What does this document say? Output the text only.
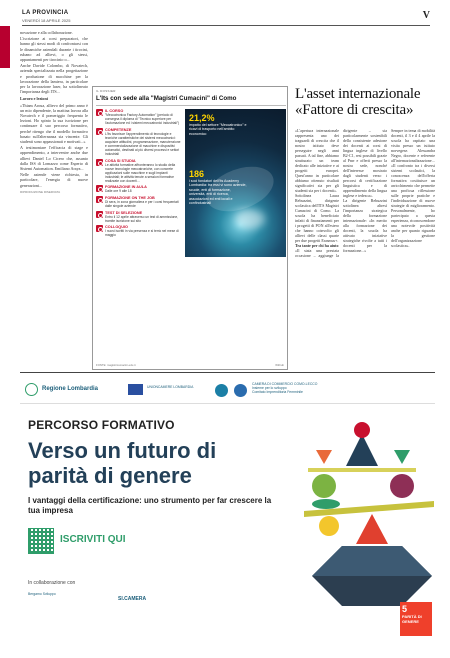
LA PROVINCIA
VENERDÌ 18 APRILE 2025	V

novazione e alla collaborazione.

L'iscrizione ai corsi preparatori, che hanno gli stessi modi di confrontarsi con le dinamiche aziendali durante i tirocini, rubano ad allievi, o gli stessi, appuntamenti per tirocinio o...

Anche Davide Colombo, di Novatech, azienda specializzata nella progettazione e produzione di macchine per la lavorazione della lamiera, in particolare per la lavorazione laser, ha sottolineato l'importanza degli ITS...

Lavoro e lezioni

«Thiam Aroua, allievo del primo anno è un mio dipendente, la mattina lavora alla Novatech e il pomeriggio frequenta le lezioni. Ho spinto la sua iscrizione per continuare il suo percorso formativo, perché ritengo che il modello formativo basato sull'alternanza sia vincente. Gli studenti sono appassionati e motivati...»

A testimoniare l'efficacia di stage e apprendimento, a intervenire anche due allievi Daniel Lo Cicero che, assunto dalla ISS di Lomazzo come Esperto di Sistemi Automation. Emiliano Araya...

Nelle aziende viene richiesta, in particolare, l'energia di nuove generazioni...

RIPRODUZIONE RISERVATA
IL DOSSIER
L'Its con sede alla "Magistri Cumacini" di Como
IL CORSO
"Meccatronica Factory Automation" (periodo di consegna il diploma di "Tecnico superiore per l'automazione ed i sistemi meccatronici industriali")
COMPETENZE
L'Its favorisce l'apprendimento di tecnologie e tecniche caratteristiche dei sistemi meccatronici: acquisire attitudini, programmazione, manutenzione e commercializzazione di macchine e dispositivi automatici, destinati ai più diversi processi e settori industriali
COSA SI STUDIA
Le attività formative affronteranno lo studio della nuove tecnologie meccatroniche, con concrete applicazioni sulle macchine e sugli impianti industriali; le attività tenute a sessioni formative realizzate con docenti...
FORMAZIONE IN AULA
Dalle ore 9 alle 18
FORMAZIONE ON THE JOB
Di sera, in zona giornaliera e per i corsi frequentati dalle singole aziende
TEST DI SELEZIONE
Entro il 12 aprile attraverso un test di ammissione, tramite iscrizione sul sito
COLLOQUIO
I nuovi iscritti in via presenza e si terrà nel mese di maggio
21,2%
impatto del settore "Meccatronico" e ricavi di trasporto nell'ambito economico
186
i soci fondatori dell'Its Academy Lombardia: tra essi vi sono aziende, scuole, enti di formazione, università, enti di ricerca, associazioni ed enti locali e confindustriali
FONTE: magistricumacini.edu.it	Withub
L'asset internazionale «Fattore di crescita»

«L'apertura internazionale rappresenta uno dei traguardi di crescita che il nostro istituto deve perseguire negli anni passati. A tal fine, abbiamo strutturato un team dedicato alle iniziative e ai progetti europei. Quest'anno in particolare abbiamo ottenuto risultati significativi sia per gli studenti sia per i docenti».

Sottolinea Laura Rebuzzini, dirigente scolastica dell'ITS Magistri Cumacini di Como. La scuola ha beneficiato infatti di finanziamenti per i progetti di PON all'estero che hanno coinvolto gli allievi delle classi quarte per due progetti Erasmus+.

Tra tante per chi ha aiuto

«Il stata una prestata occasione – aggiunge la dirigente – sia particolarmente sostenibili della consistente adesione dei docenti ai corsi di lingua inglese di livello B2-C1, resi possibili grazie al Pnrr e offerti presso la nostra sede, nonché dell'interesse mostrato dagli studenti verso i percorsi di certificazione linguistica e di apprendimento della lingua inglese e tedesca».

La dirigente Rebuzzini sottolinea altresì l'importanza strategica della formazione internazionale: «In merito alla formazione dei docenti, la scuola ha attivato iniziative strategiche rivolte a tutti i docenti per la formazione...»

Sempre in tema di mobilità docenti, il 3 e il 4 aprile la scuola ha ospitato una visita presso un istituto norvegese. Alessandra Negro, docente e referente all'internazionalizzazione...

«Il confronto tra i diversi sistemi scolastici, la conoscenza dell'offerta formativa costituisce un arricchimento che permette una proficua riflessione sulle proprie pratiche e l'individuazione di nuove strategie di miglioramento. Personalmente, ho partecipato a questa esperienza, riconoscendone una notevole positività anche per quanto riguarda la gestione dell'organizzazione scolastica».

Regione Lombardia	UNIONCAMERE LOMBARDIA
CAMERA DI COMMERCIO COMO-LECCO
Insieme per lo sviluppo
Comitato Imprenditoria Femminile
PERCORSO FORMATIVO
Verso un futuro di parità di genere
I vantaggi della certificazione: uno strumento per far crescere la tua impresa
ISCRIVITI QUI
In collaborazione con
Bergamo Sviluppo
SI.CAMERA
5
PARITÀ DI GENERE
